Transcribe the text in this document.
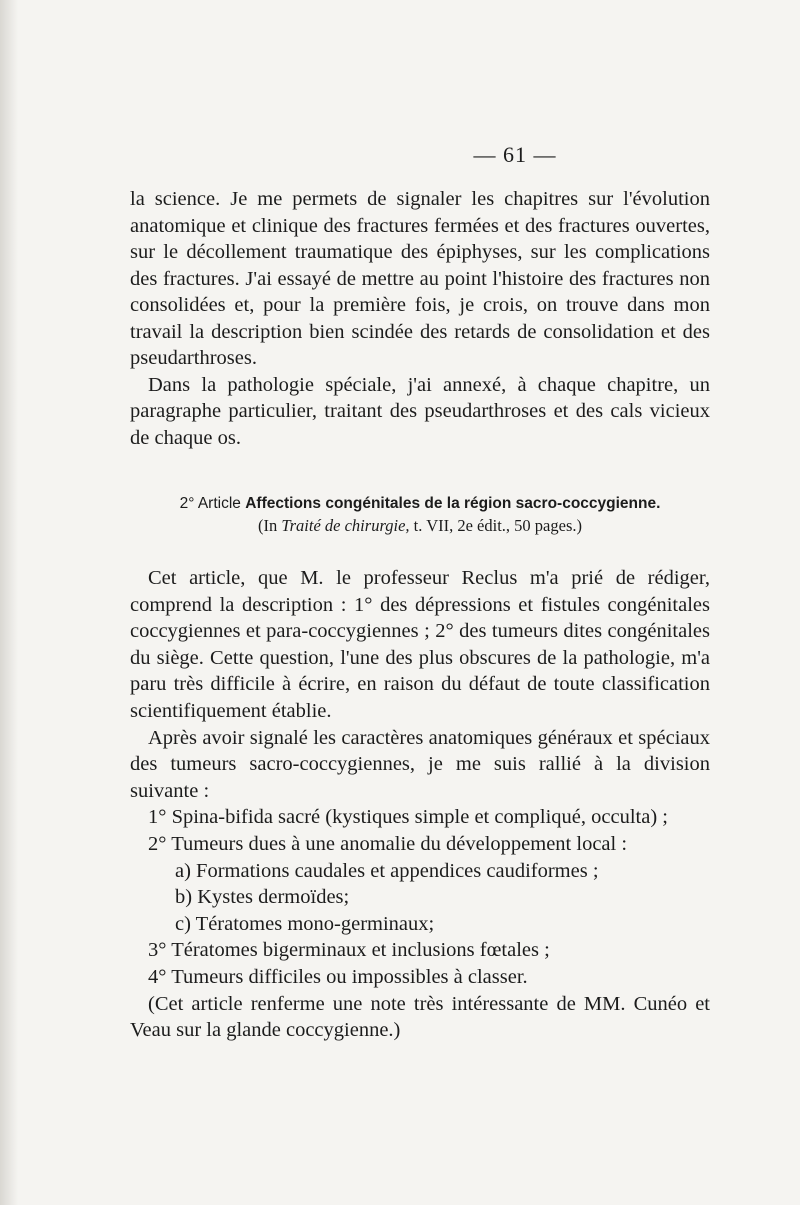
— 61 —

la science. Je me permets de signaler les chapitres sur l'évolution anatomique et clinique des fractures fermées et des fractures ouvertes, sur le décollement traumatique des épiphyses, sur les complications des fractures. J'ai essayé de mettre au point l'histoire des fractures non consolidées et, pour la première fois, je crois, on trouve dans mon travail la description bien scindée des retards de consolidation et des pseudarthroses.

Dans la pathologie spéciale, j'ai annexé, à chaque chapitre, un paragraphe particulier, traitant des pseudarthroses et des cals vicieux de chaque os.

2° Article Affections congénitales de la région sacro-coccygienne.
(In Traité de chirurgie, t. VII, 2e édit., 50 pages.)

Cet article, que M. le professeur Reclus m'a prié de rédiger, comprend la description : 1° des dépressions et fistules congénitales coccygiennes et para-coccygiennes ; 2° des tumeurs dites congénitales du siège. Cette question, l'une des plus obscures de la pathologie, m'a paru très difficile à écrire, en raison du défaut de toute classification scientifiquement établie.

Après avoir signalé les caractères anatomiques généraux et spéciaux des tumeurs sacro-coccygiennes, je me suis rallié à la division suivante :

1° Spina-bifida sacré (kystiques simple et compliqué, occulta) ;
2° Tumeurs dues à une anomalie du développement local :
a) Formations caudales et appendices caudiformes ;
b) Kystes dermoïdes;
c) Tératomes mono-germinaux;
3° Tératomes bigerminaux et inclusions fœtales ;
4° Tumeurs difficiles ou impossibles à classer.

(Cet article renferme une note très intéressante de MM. Cunéo et Veau sur la glande coccygienne.)
